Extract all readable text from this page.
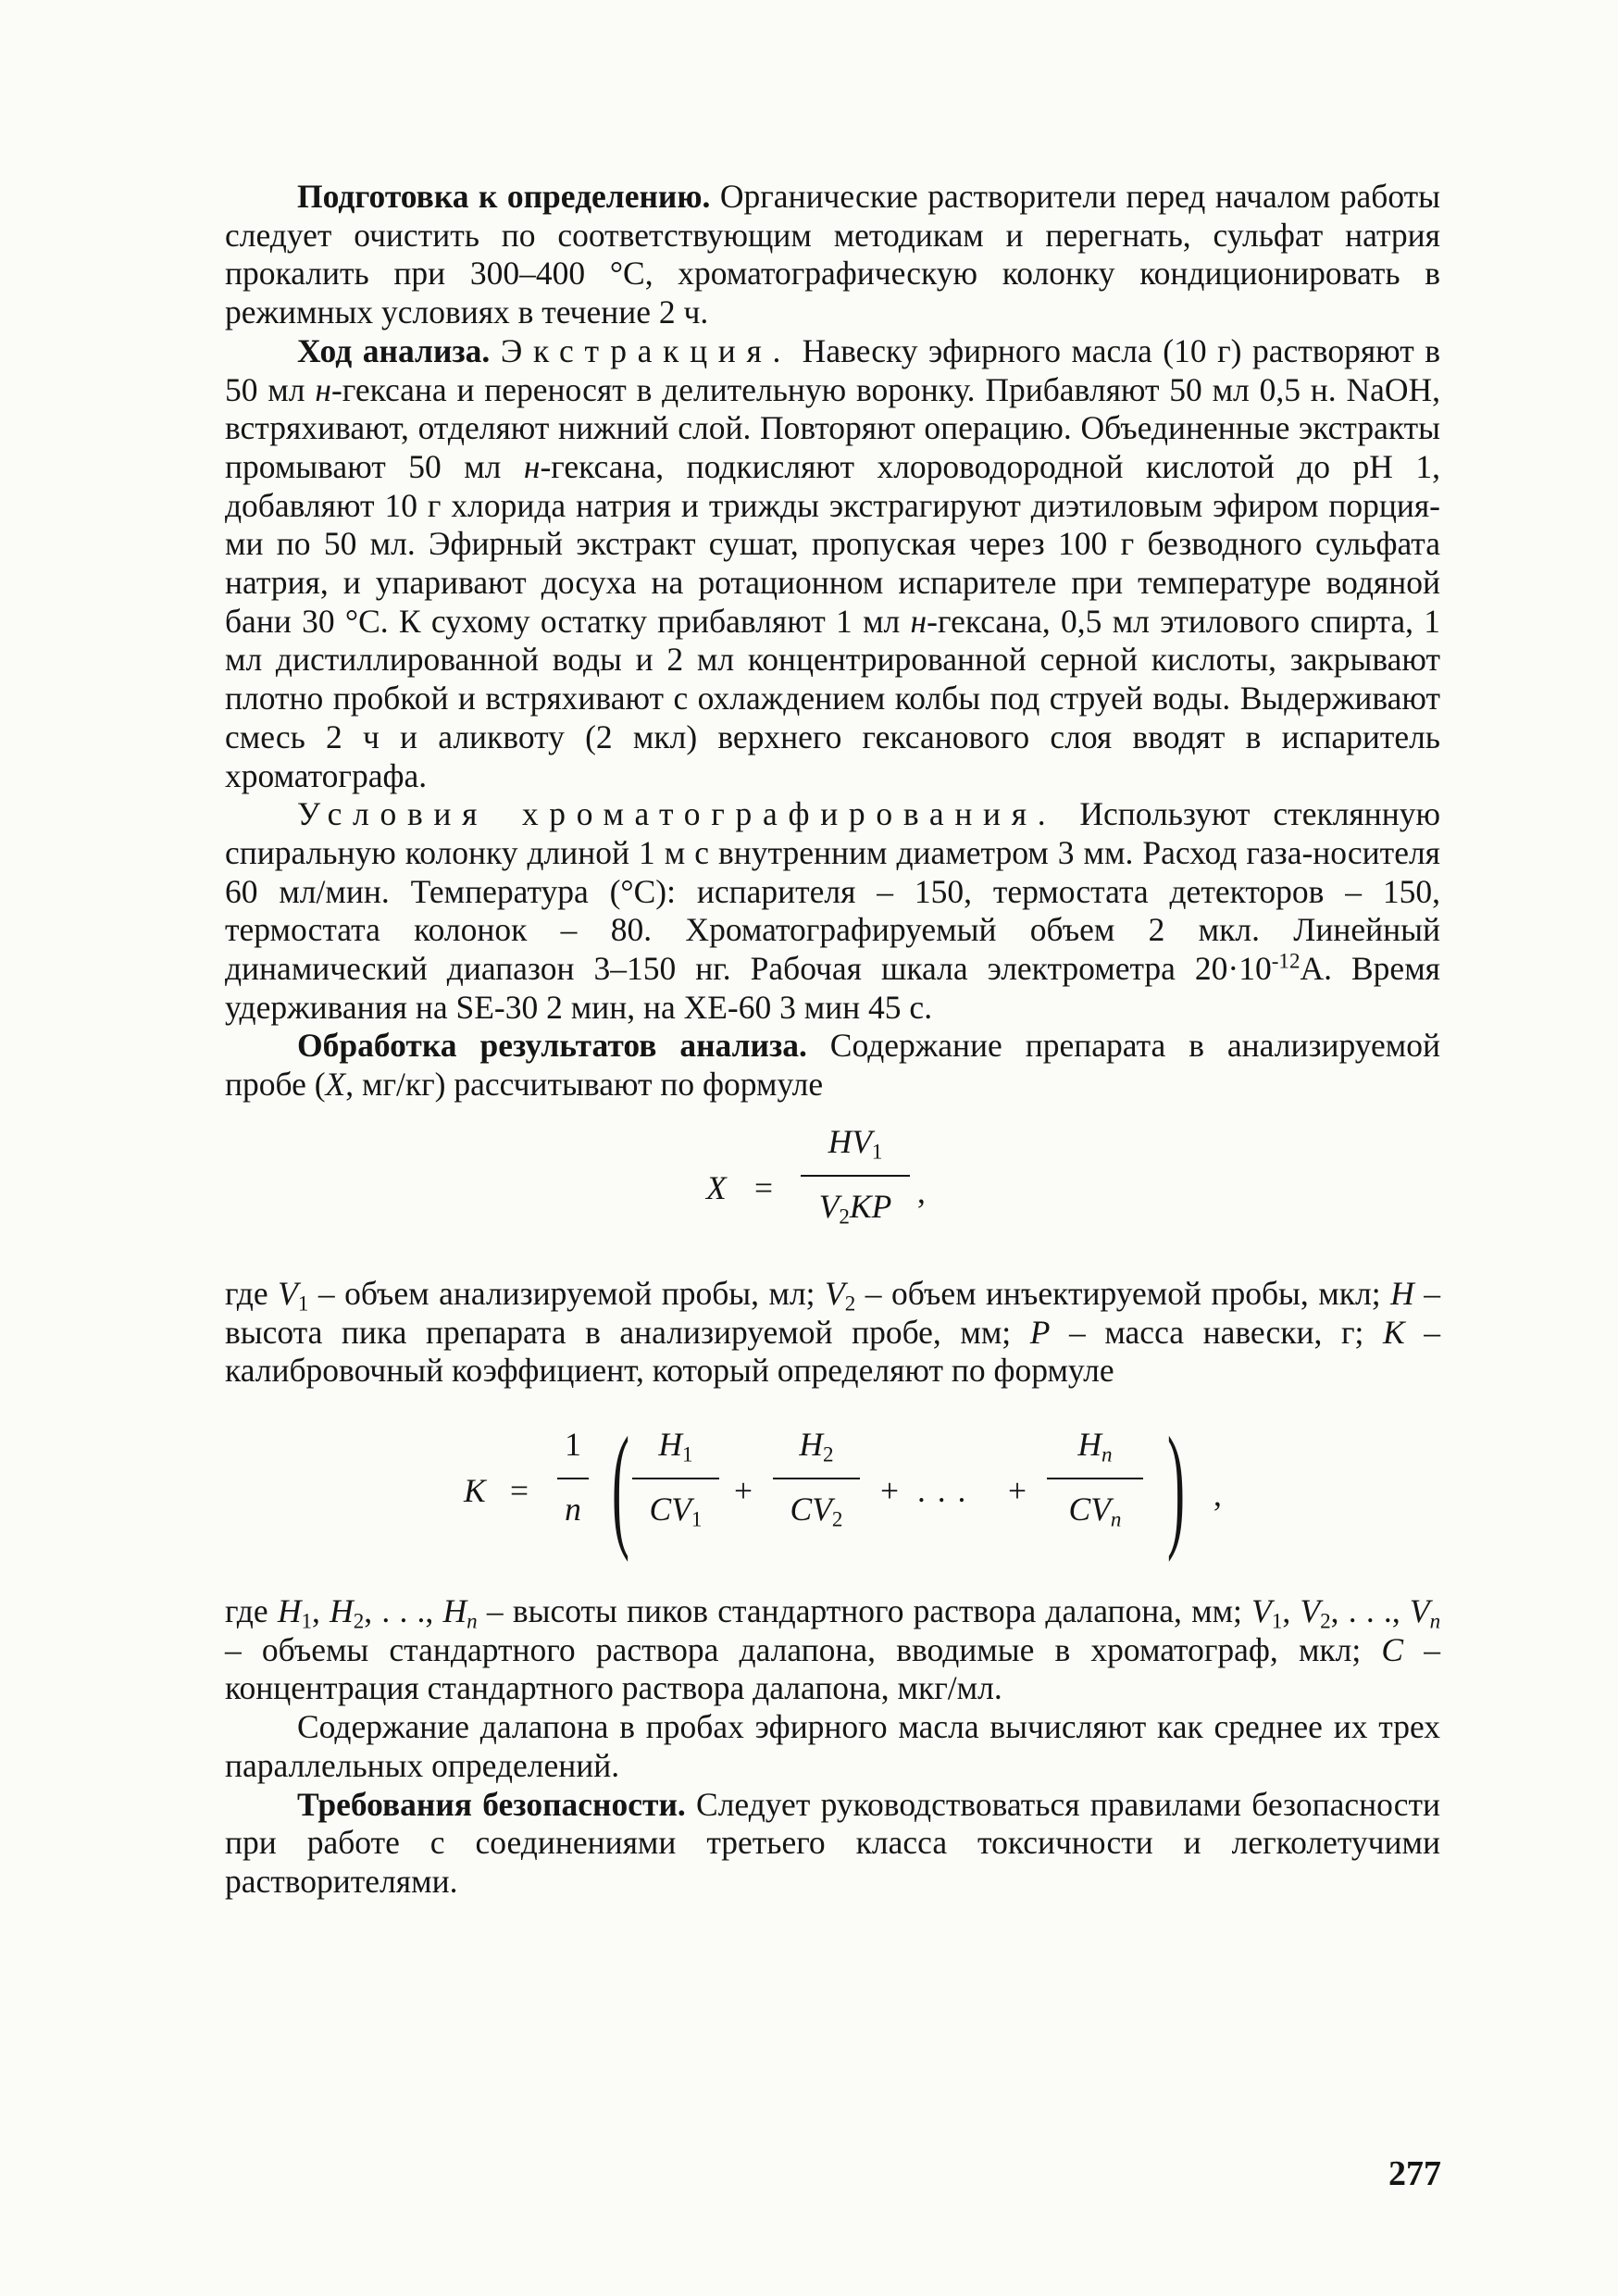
Подготовка к определению. Органические растворители перед началом работы следует очистить по соответствующим методикам и перегнать, сульфат натрия прокалить при 300–400 °C, хроматографическую колонку кондиционировать в режимных условиях в течение 2 ч.

Ход анализа. Экстракция. Навеску эфирного масла (10 г) растворяют в 50 мл н-гексана и переносят в делительную воронку. Прибавляют 50 мл 0,5 н. NaOH, встряхивают, отделяют нижний слой. Повторяют операцию. Объединенные экстракты промывают 50 мл н-гексана, подкисляют хлороводородной кислотой до pH 1, добавляют 10 г хлорида натрия и трижды экстрагируют диэтиловым эфиром порциями по 50 мл. Эфирный экстракт сушат, пропуская через 100 г безводного сульфата натрия, и упаривают досуха на ротационном испарителе при температуре водяной бани 30 °C. К сухому остатку прибавляют 1 мл н-гексана, 0,5 мл этилового спирта, 1 мл дистиллированной воды и 2 мл концентрированной серной кислоты, закрывают плотно пробкой и встряхивают с охлаждением колбы под струей воды. Выдерживают смесь 2 ч и аликвоту (2 мкл) верхнего гексанового слоя вводят в испаритель хроматографа.

Условия хроматографирования. Используют стеклянную спиральную колонку длиной 1 м с внутренним диаметром 3 мм. Расход газа-носителя 60 мл/мин. Температура (°C): испарителя – 150, термостата детекторов – 150, термостата колонок – 80. Хроматографируемый объем 2 мкл. Линейный динамический диапазон 3–150 нг. Рабочая шкала электрометра $20\cdot 10^{-12}A$. Время удерживания на SE-30 2 мин, на XE-60 3 мин 45 с.

Обработка результатов анализа. Содержание препарата в анализируемой пробе (X, мг/кг) рассчитывают по формуле

X =
$HV_1$
$V_2KP$ ,

где $V_1$ – объем анализируемой пробы, мл; $V_2$ – объем инъектируемой пробы, мкл; H – высота пика препарата в анализируемой пробе, мм; P – масса навески, г; K – калибровочный коэффициент, который определяют по формуле

K =
1
n ( $H_1$
$CV_1$
+
$H_2$
$CV_2$
+ . . . +
$H_n$
$CV_n$ ) ,

где $H_1$, $H_2$, . . ., $H_n$ – высоты пиков стандартного раствора далапона, мм; $V_1$, $V_2$, . . ., $V_n$ – объемы стандартного раствора далапона, вводимые в хроматограф, мкл; C – концентрация стандартного раствора далапона, мкг/мл.

Содержание далапона в пробах эфирного масла вычисляют как среднее их трех параллельных определений.

Требования безопасности. Следует руководствоваться правилами безопасности при работе с соединениями третьего класса токсичности и легколетучими растворителями.

277
